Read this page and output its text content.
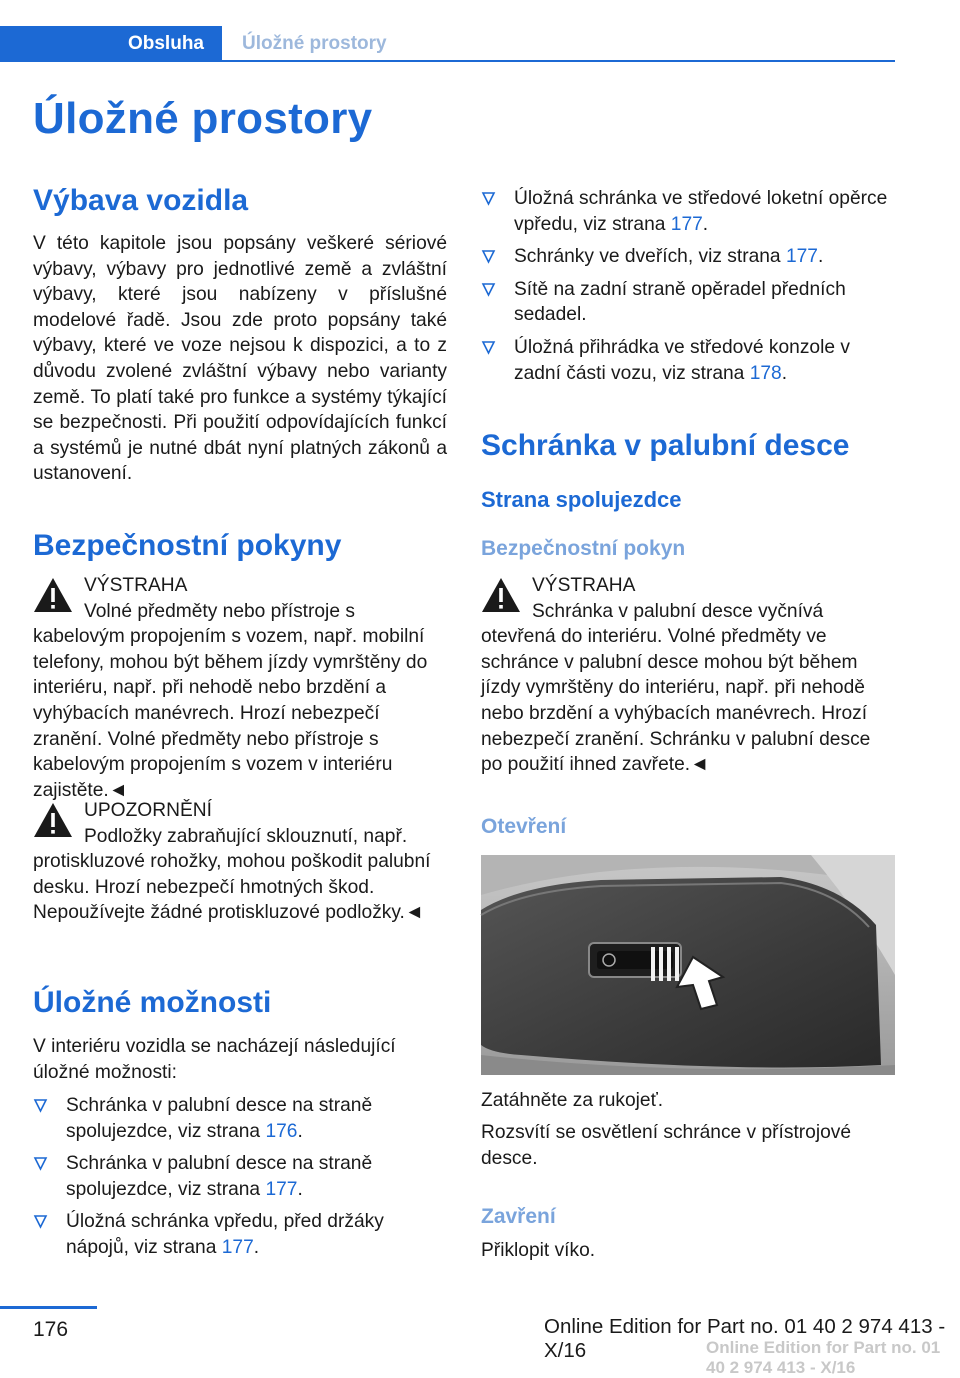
Obsluha	Úložné prostory
Úložné prostory
Výbava vozidla

V této kapitole jsou popsány veškeré sériové výbavy, výbavy pro jednotlivé země a zvláštní výbavy, které jsou nabízeny v příslušné modelové řadě. Jsou zde proto popsány také výbavy, které ve voze nejsou k dispozici, a to z důvodu zvolené zvláštní výbavy nebo varianty země. To platí také pro funkce a systémy týkající se bezpečnosti. Při použití odpovídajících funkcí a systémů je nutné dbát nyní platných zákonů a ustanovení.

Bezpečnostní pokyny
VÝSTRAHA
Volné předměty nebo přístroje s kabelovým propojením s vozem, např. mobilní telefony, mohou být během jízdy vymrštěny do interiéru, např. při nehodě nebo brzdění a vyhýbacích manévrech. Hrozí nebezpečí zranění. Volné předměty nebo přístroje s kabelovým propojením s vozem v interiéru zajistěte.◄
UPOZORNĚNÍ
Podložky zabraňující sklouznutí, např. protiskluzové rohožky, mohou poškodit palubní desku. Hrozí nebezpečí hmotných škod. Nepoužívejte žádné protiskluzové podložky.◄
Úložné možnosti

V interiéru vozidla se nacházejí následující úložné možnosti:

Schránka v palubní desce na straně spolujezdce, viz strana 176.
Schránka v palubní desce na straně spolujezdce, viz strana 177.
Úložná schránka vpředu, před držáky nápojů, viz strana 177.
Úložná schránka ve středové loketní opěrce vpředu, viz strana 177.
Schránky ve dveřích, viz strana 177.
Sítě na zadní straně opěradel předních sedadel.
Úložná přihrádka ve středové konzole v zadní části vozu, viz strana 178.
Schránka v palubní desce
Strana spolujezdce
Bezpečnostní pokyn
VÝSTRAHA
Schránka v palubní desce vyčnívá otevřená do interiéru. Volné předměty ve schránce v palubní desce mohou být během jízdy vymrštěny do interiéru, např. při nehodě nebo brzdění a vyhýbacích manévrech. Hrozí nebezpečí zranění. Schránku v palubní desce po použití ihned zavřete.◄
Otevření

Zatáhněte za rukojeť.

Rozsvítí se osvětlení schránce v přístrojové desce.

Zavření

Přiklopit víko.

176	Online Edition for Part no. 01 40 2 974 413 - X/16	Online Edition for Part no. 01 40 2 974 413 - X/16
